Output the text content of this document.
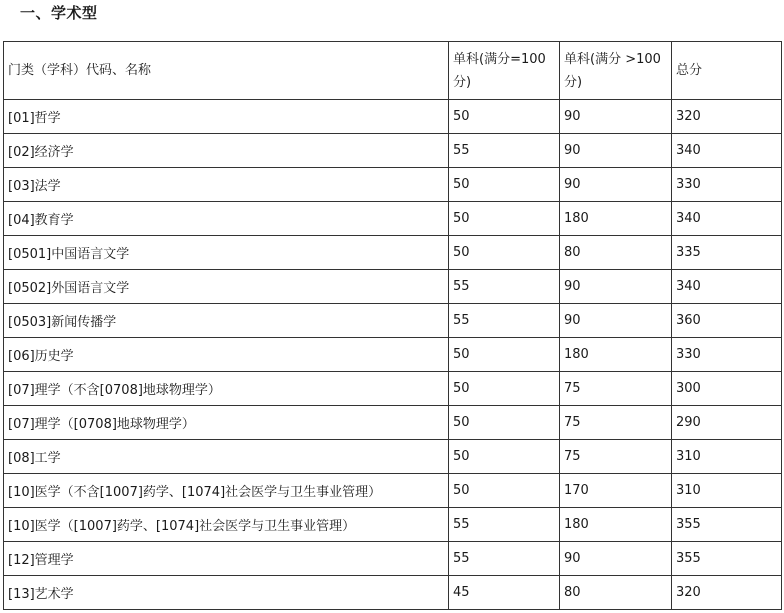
一、学术型
门类（学科）代码、名称	单科(满分=100分)	单科(满分 >100分)	总分
[01]哲学	50	90	320
[02]经济学	55	90	340
[03]法学	50	90	330
[04]教育学	50	180	340
[0501]中国语言文学	50	80	335
[0502]外国语言文学	55	90	340
[0503]新闻传播学	55	90	360
[06]历史学	50	180	330
[07]理学（不含[0708]地球物理学）	50	75	300
[07]理学（[0708]地球物理学）	50	75	290
[08]工学	50	75	310
[10]医学（不含[1007]药学、[1074]社会医学与卫生事业管理）	50	170	310
[10]医学（[1007]药学、[1074]社会医学与卫生事业管理）	55	180	355
[12]管理学	55	90	355
[13]艺术学	45	80	320
